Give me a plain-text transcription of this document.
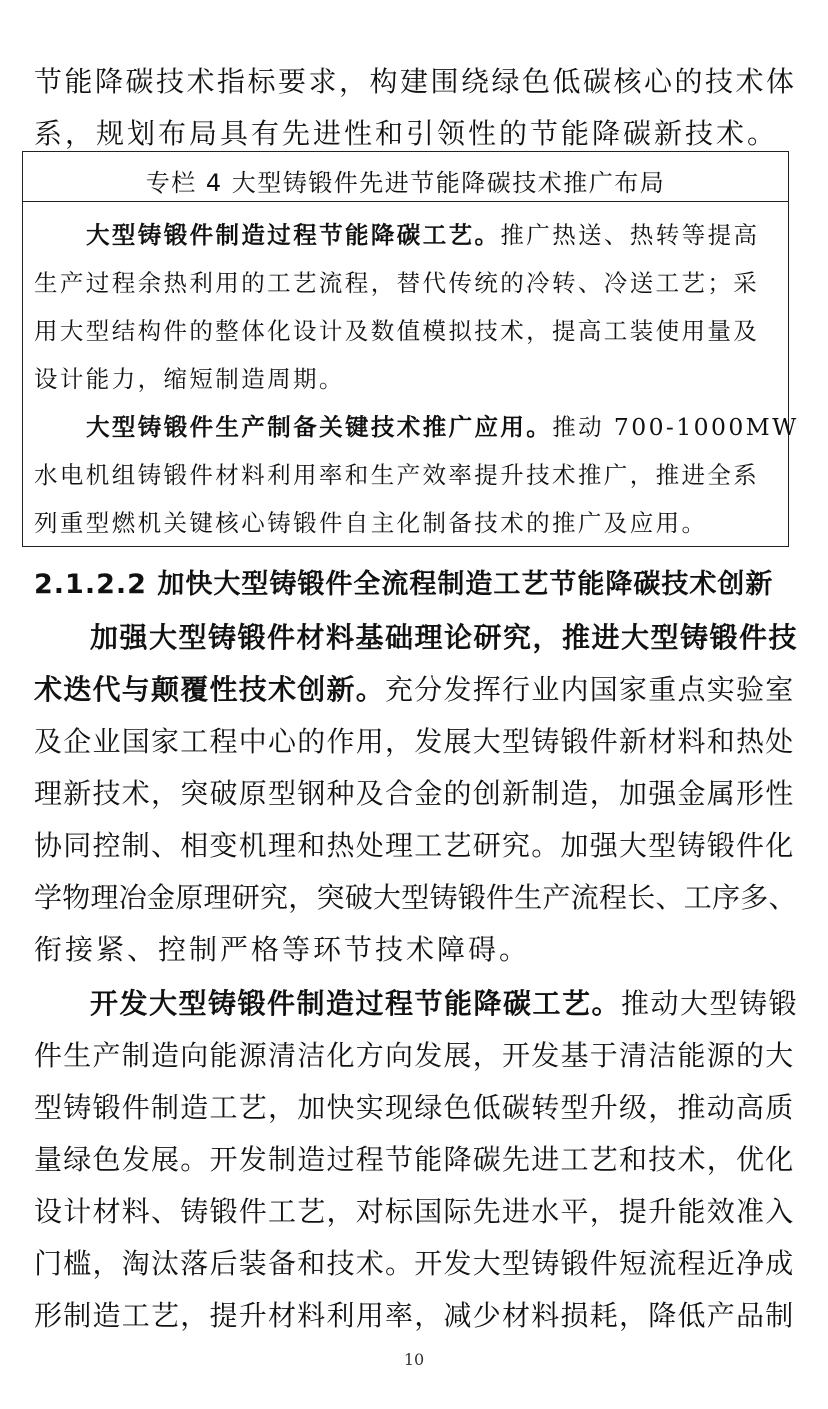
节能降碳技术指标要求，构建围绕绿色低碳核心的技术体
系，规划布局具有先进性和引领性的节能降碳新技术。
专栏 4 大型铸锻件先进节能降碳技术推广布局
大型铸锻件制造过程节能降碳工艺。推广热送、热转等提高
生产过程余热利用的工艺流程，替代传统的冷转、冷送工艺；采
用大型结构件的整体化设计及数值模拟技术，提高工装使用量及
设计能力，缩短制造周期。
大型铸锻件生产制备关键技术推广应用。推动 700-1000MW
水电机组铸锻件材料利用率和生产效率提升技术推广，推进全系
列重型燃机关键核心铸锻件自主化制备技术的推广及应用。
2.1.2.2 加快大型铸锻件全流程制造工艺节能降碳技术创新
加强大型铸锻件材料基础理论研究，推进大型铸锻件技
术迭代与颠覆性技术创新。充分发挥行业内国家重点实验室
及企业国家工程中心的作用，发展大型铸锻件新材料和热处
理新技术，突破原型钢种及合金的创新制造，加强金属形性
协同控制、相变机理和热处理工艺研究。加强大型铸锻件化
学物理冶金原理研究，突破大型铸锻件生产流程长、工序多、
衔接紧、控制严格等环节技术障碍。
开发大型铸锻件制造过程节能降碳工艺。推动大型铸锻
件生产制造向能源清洁化方向发展，开发基于清洁能源的大
型铸锻件制造工艺，加快实现绿色低碳转型升级，推动高质
量绿色发展。开发制造过程节能降碳先进工艺和技术，优化
设计材料、铸锻件工艺，对标国际先进水平，提升能效准入
门槛，淘汰落后装备和技术。开发大型铸锻件短流程近净成
形制造工艺，提升材料利用率，减少材料损耗，降低产品制
10
